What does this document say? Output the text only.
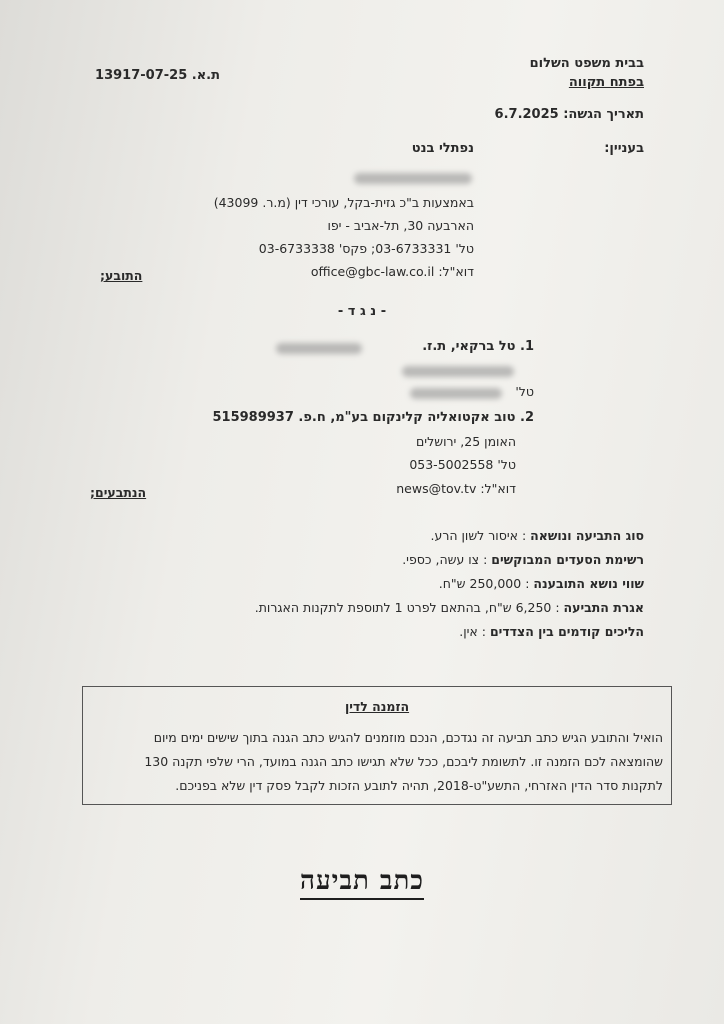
בבית משפט השלום
בפתח תקווה
ת.א. 13917-07-25
תאריך הגשה: 6.7.2025
בעניין:
נפתלי בנט
באמצעות ב"כ גזית-בקל, עורכי דין (מ.ר. 43099)
הארבעה 30, תל-אביב - יפו
טל' 03-6733331; פקס' 03-6733338
דוא"ל: office@gbc-law.co.il
התובע;
- נ ג ד -
1. טל ברקאי, ת.ז.
טל'
2. טוב אקטואליה קלינקום בע"מ, ח.פ. 515989937
האומן 25, ירושלים
טל' 053-5002558
דוא"ל: news@tov.tv
הנתבעים;
סוג התביעה ונושאה : איסור לשון הרע.
רשימת הסעדים המבוקשים : צו עשה, כספי.
שווי נושא התובענה : 250,000 ש"ח.
אגרת התביעה : 6,250 ש"ח, בהתאם לפרט 1 לתוספת לתקנות האגרות.
הליכים קודמים בין הצדדים : אין.
הזמנה לדין
הואיל והתובע הגיש כתב תביעה זה נגדכם, הנכם מוזמנים להגיש כתב הגנה בתוך שישים ימים מיום
שהומצאה לכם הזמנה זו. לתשומת ליבכם, ככל שלא תגישו כתב הגנה במועד, הרי שלפי תקנה 130
לתקנות סדר הדין האזרחי, התשע"ט-2018, תהיה לתובע הזכות לקבל פסק דין שלא בפניכם.
כתב תביעה
